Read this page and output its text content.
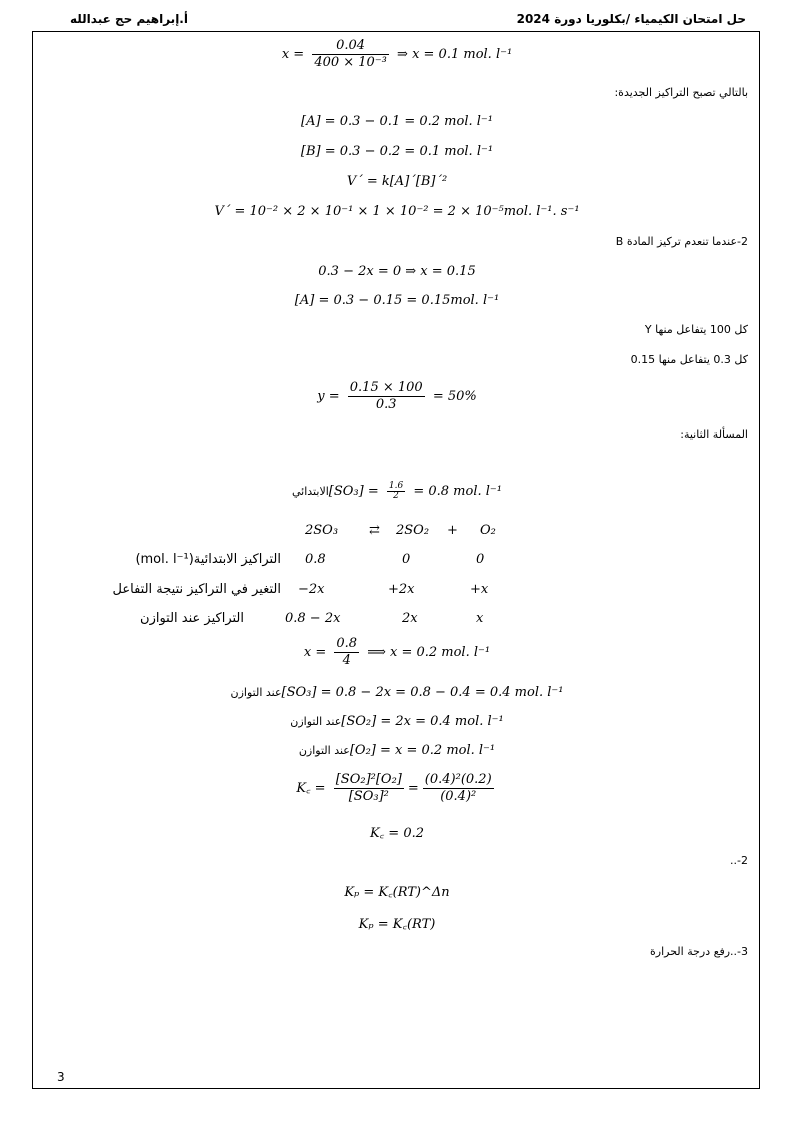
حل امتحان الكيمياء /بكلوريا دورة 2024
أ.إبراهيم حج عبدالله
$x = \frac{0.04}{\text{400 × 10⁻³}}$ ⇒ x = 0.1 mol. l⁻¹
بالتالي تصبح التراكيز الجديدة:
[A] = 0.3 − 0.1 = 0.2 mol. l⁻¹
[B] = 0.3 − 0.2 = 0.1 mol. l⁻¹
V´ = k[A]´[B]´²
V´ = 10⁻² × 2 × 10⁻¹ × 1 × 10⁻² = 2 × 10⁻⁵mol. l⁻¹. s⁻¹
2-عندما تنعدم تركيز المادة B
0.3 − 2x = 0 ⇒ x = 0.15
[A] = 0.3 − 0.15 = 0.15mol. l⁻¹
كل 100 يتفاعل منها Y
كل 0.3 يتفاعل منها 0.15
$y = \frac{0.15 \times 100}{0.3} = 50\%$
المسألة الثانية:
الابتدائي[SO₃] = $\frac{1.6}{2} = 0.8$ mol. l⁻¹
2SO₃ ⇄ 2SO₂ + O₂
التراكيز الابتدائية(mol. l⁻¹) 0.8	0	0
التغير في التراكيز نتيجة التفاعل −2x	+2x	+x
التراكيز عند التوازن	0.8 − 2x	2x	x
$x = \frac{0.8}{4}$ ⟹ x = 0.2 mol. l⁻¹
عند التوازن[SO₃] = 0.8 − 2x = 0.8 − 0.4 = 0.4 mol. l⁻¹
عند التوازن[SO₂] = 2x = 0.4 mol. l⁻¹
عند التوازن[O₂] = x = 0.2 mol. l⁻¹
K꜀ = $\frac{\text{[SO₂]²[O₂]}}{\text{[SO₃]²}} = \frac{\text{(0.4)²(0.2)}}{\text{(0.4)²}}$
K꜀ = 0.2
2-..
Kₚ = K꜀(RT)^Δn
Kₚ = K꜀(RT)
3-..رفع درجة الحرارة
3
